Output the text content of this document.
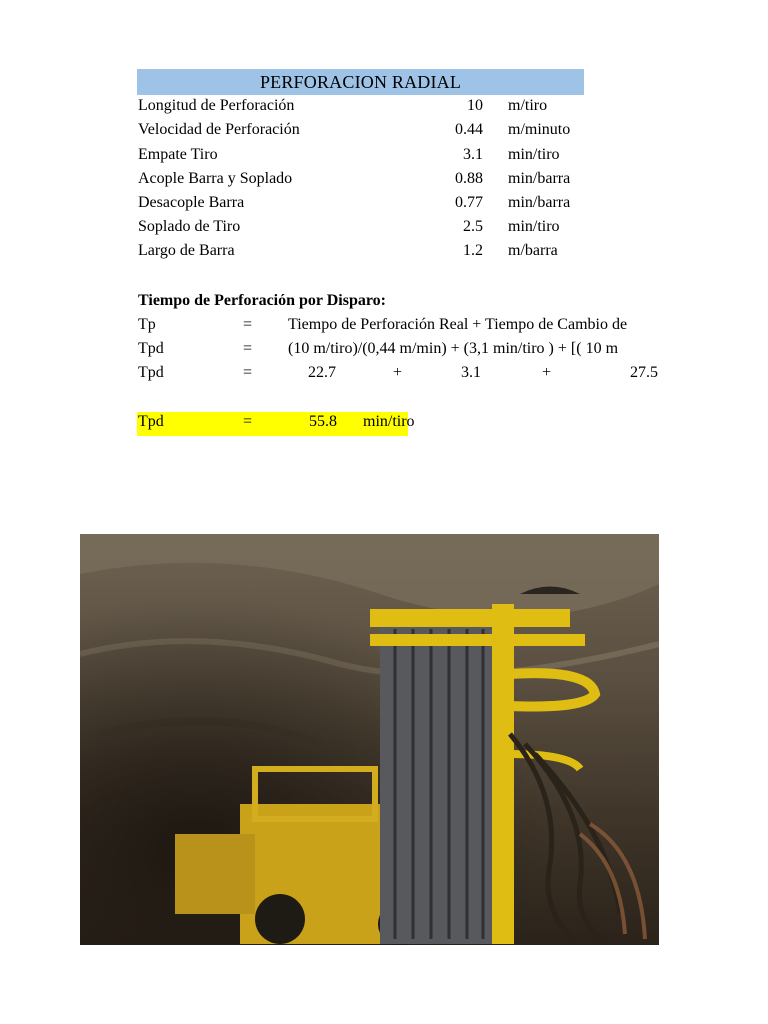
PERFORACION RADIAL
Longitud de Perforación	10 m/tiro
Velocidad de Perforación	0.44 m/minuto
Empate Tiro	3.1 min/tiro
Acople Barra y Soplado	0.88 min/barra
Desacople Barra	0.77 min/barra
Soplado de Tiro	2.5 min/tiro
Largo de Barra	1.2 m/barra
Tiempo de Perforación por Disparo:
Tp	= Tiempo de Perforación Real + Tiempo de Cambio de
Tpd	= (10 m/tiro)/(0,44 m/min) + (3,1 min/tiro ) + [( 10 m
Tpd	=	22.7	+	3.1	+	27.5
Tpd	=	55.8 min/tiro
